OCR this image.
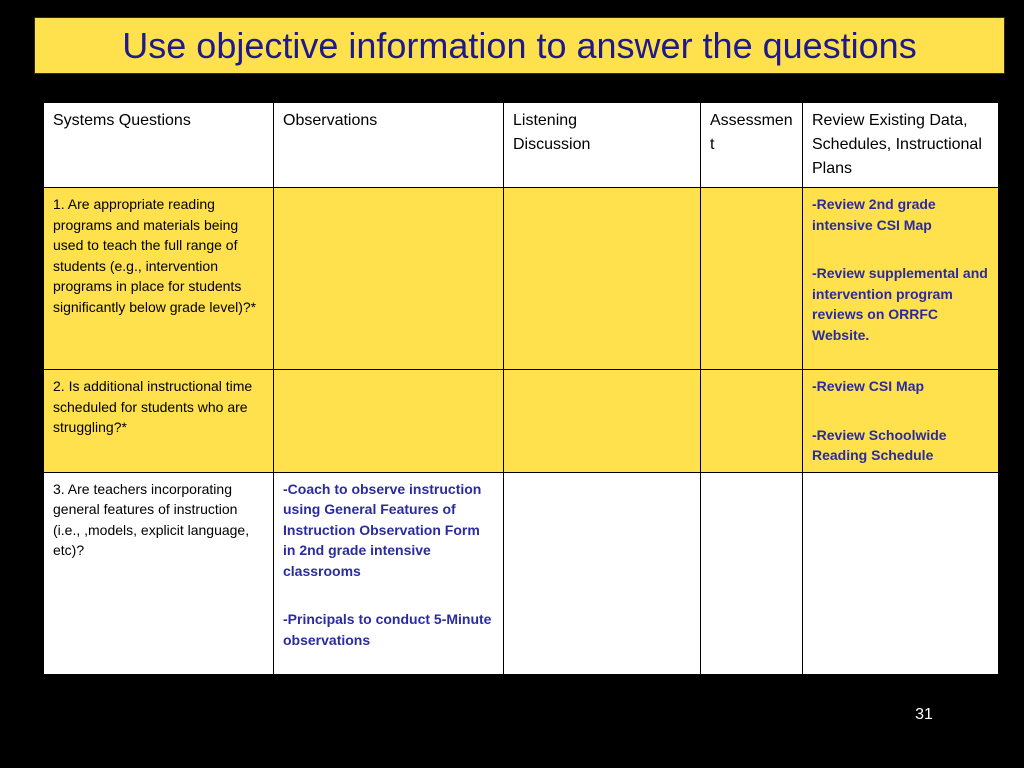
Use objective information to answer the questions
Systems Questions	Observations	Listening Discussion	Assessment	Review Existing Data, Schedules, Instructional Plans
1. Are appropriate reading programs and materials being used to teach the full range of students (e.g., intervention programs in place for students significantly below grade level)?*				-Review 2nd grade intensive CSI Map
-Review supplemental and intervention program reviews on ORRFC Website.

2. Is additional instructional time scheduled for students who are struggling?*				-Review CSI Map
-Review Schoolwide Reading Schedule

3. Are teachers incorporating general features of instruction (i.e., ,models, explicit language, etc)?	-Coach to observe instruction using General Features of Instruction Observation Form in 2nd grade intensive classrooms
-Principals to conduct 5-Minute observations			

31
